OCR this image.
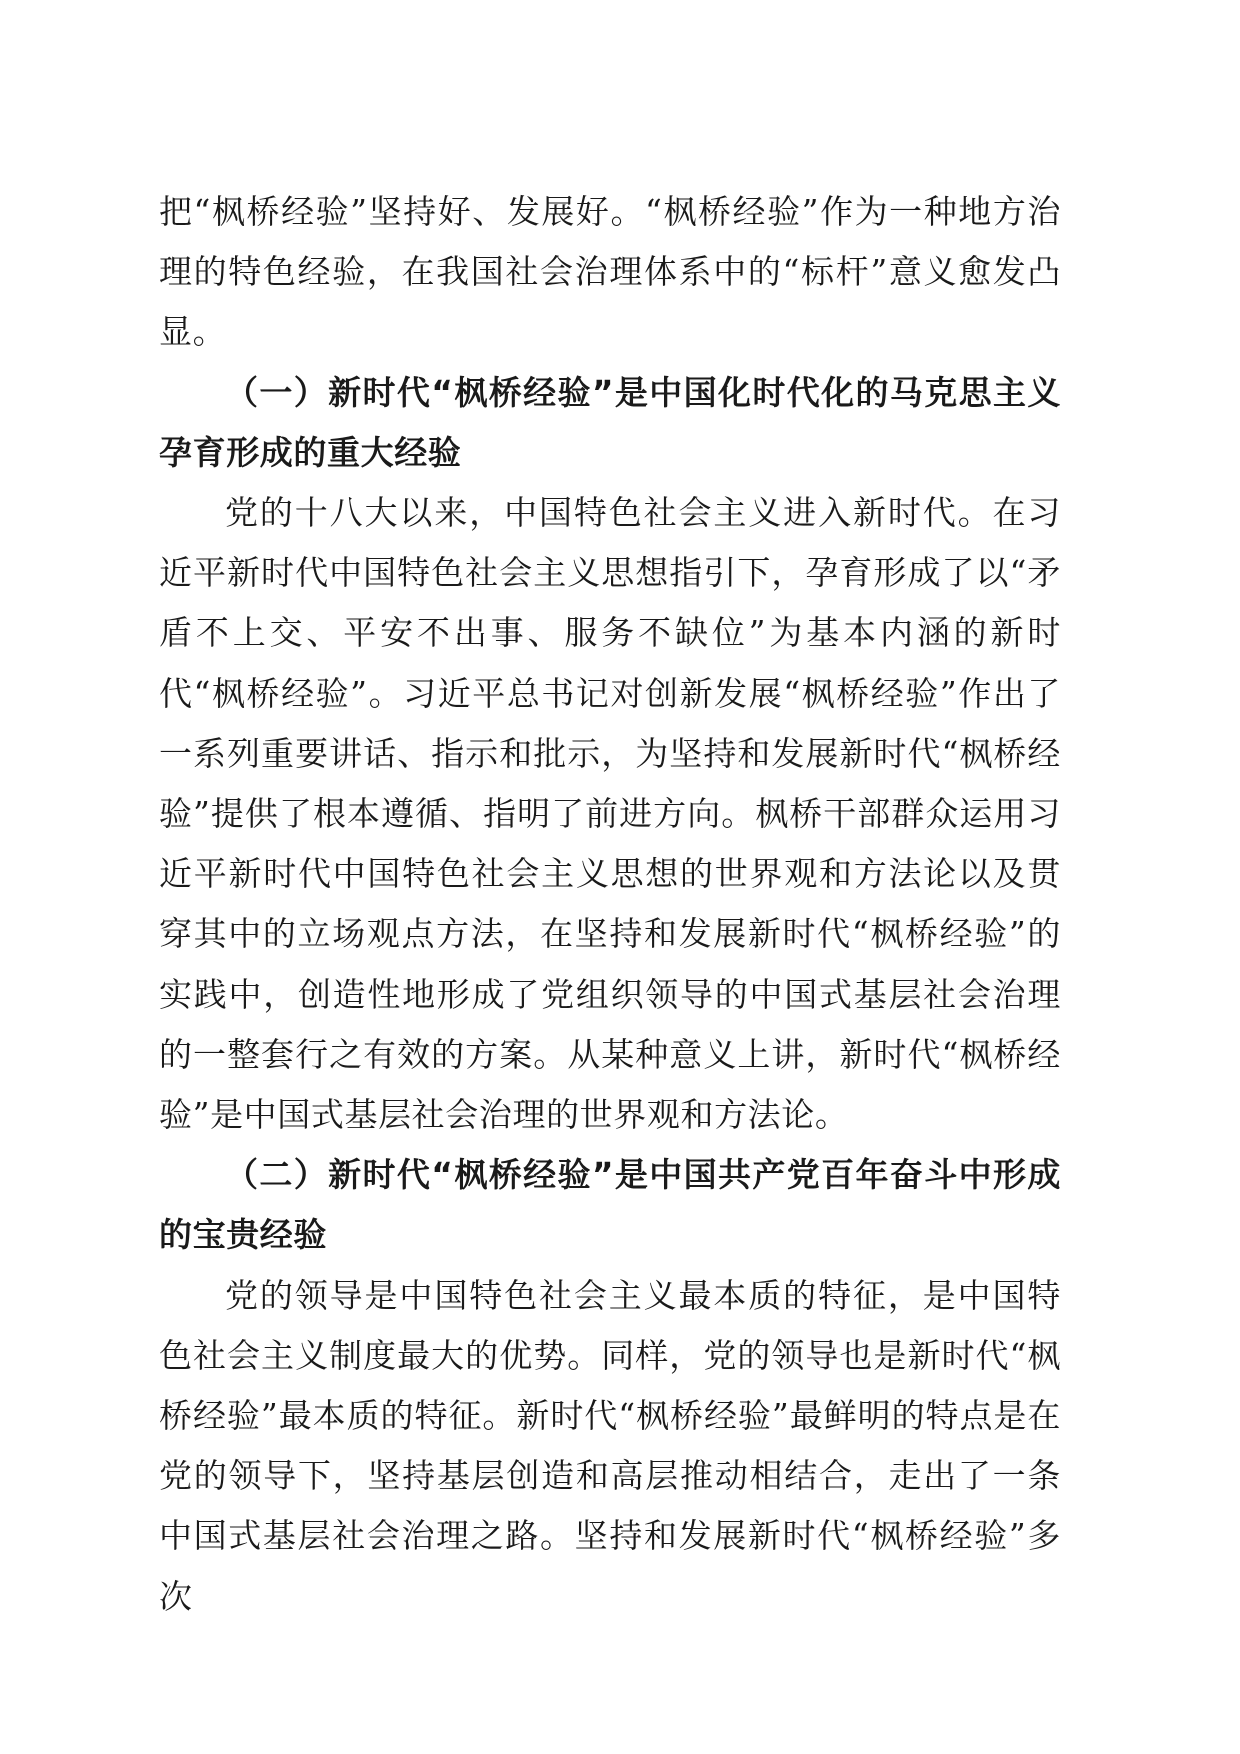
把“枫桥经验”坚持好、发展好。“枫桥经验”作为一种地方治理的特色经验，在我国社会治理体系中的“标杆”意义愈发凸显。

（一）新时代“枫桥经验”是中国化时代化的马克思主义孕育形成的重大经验

党的十八大以来，中国特色社会主义进入新时代。在习近平新时代中国特色社会主义思想指引下，孕育形成了以“矛盾不上交、平安不出事、服务不缺位”为基本内涵的新时代“枫桥经验”。习近平总书记对创新发展“枫桥经验”作出了一系列重要讲话、指示和批示，为坚持和发展新时代“枫桥经验”提供了根本遵循、指明了前进方向。枫桥干部群众运用习近平新时代中国特色社会主义思想的世界观和方法论以及贯穿其中的立场观点方法，在坚持和发展新时代“枫桥经验”的实践中，创造性地形成了党组织领导的中国式基层社会治理的一整套行之有效的方案。从某种意义上讲，新时代“枫桥经验”是中国式基层社会治理的世界观和方法论。

（二）新时代“枫桥经验”是中国共产党百年奋斗中形成的宝贵经验

党的领导是中国特色社会主义最本质的特征，是中国特色社会主义制度最大的优势。同样，党的领导也是新时代“枫桥经验”最本质的特征。新时代“枫桥经验”最鲜明的特点是在党的领导下，坚持基层创造和高层推动相结合，走出了一条中国式基层社会治理之路。坚持和发展新时代“枫桥经验”多次
